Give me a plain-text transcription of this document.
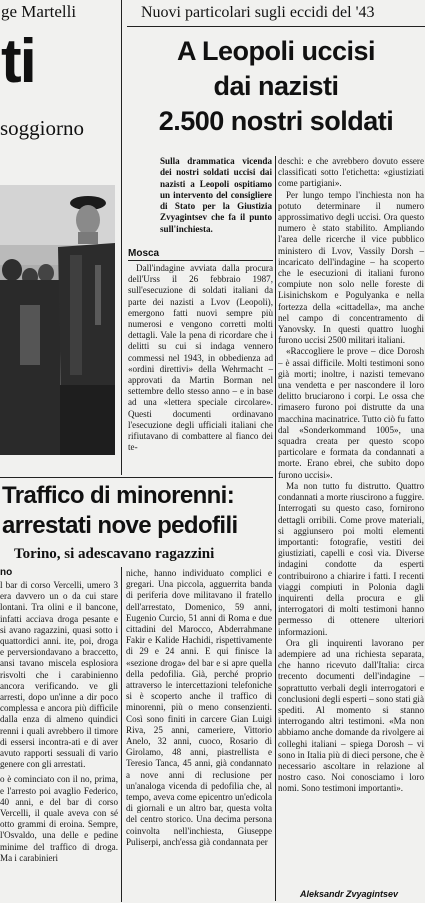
ge Martelli
ti
soggiorno
Nuovi particolari sugli eccidi del '43
A Leopoli uccisi
dai nazisti
2.500 nostri soldati
Sulla drammatica vicenda dei nostri soldati uccisi dai nazisti a Leopoli ospitiamo un intervento del consigliere di Stato per la Giustizia Zvyagintsev che fa il punto sull'inchiesta.
Mosca

Dall'indagine avviata dalla procura dell'Urss il 26 febbraio 1987, sull'esecuzione di soldati italiani da parte dei nazisti a Lvov (Leopoli), emergono fatti nuovi sempre più numerosi e vengono corretti molti dettagli. Vale la pena di ricordare che i delitti su cui si indaga vennero commessi nel 1943, in obbedienza ad «ordini direttivi» della Wehrmacht – approvati da Martin Borman nel settembre dello stesso anno – e in base ad una «lettera speciale circolare». Questi documenti ordinavano l'esecuzione degli ufficiali italiani che rifiutavano di combattere al fianco dei te-

deschi: e che avrebbero dovuto essere classificati sotto l'etichetta: «giustiziati come partigiani».

Per lungo tempo l'inchiesta non ha potuto determinare il numero approssimativo degli uccisi. Ora questo numero è stato stabilito. Ampliando l'area delle ricerche il vice pubblico ministero di Lvov, Vassily Dorsh – incaricato dell'indagine – ha scoperto che le esecuzioni di italiani furono compiute non solo nelle foreste di Lisinichskom e Pogulyanka e nella fortezza della «cittadella», ma anche nel campo di concentramento di Yanovsky. In questi quattro luoghi furono uccisi 2500 militari italiani.

«Raccogliere le prove – dice Dorosh – è assai difficile. Molti testimoni sono già morti; inoltre, i nazisti temevano una vendetta e per nascondere il loro delitto bruciarono i corpi. Le ossa che rimasero furono poi distrutte da una macchina macinatrice. Tutto ciò fu fatto dal «Sonderkommand 1005», una squadra creata per questo scopo particolare e formata da condannati a morte. Erano ebrei, che subito dopo furono uccisi».

Ma non tutto fu distrutto. Quattro condannati a morte riuscirono a fuggire. Interrogati su questo caso, fornirono dettagli orribili. Come prove materiali, si aggiunsero poi molti elementi importanti: fotografie, vestiti dei giustiziati, capelli e così via. Diverse indagini condotte da esperti contribuirono a chiarire i fatti. I recenti viaggi compiuti in Polonia dagli inquirenti della procura e gli interrogatori di molti testimoni hanno permesso di ottenere ulteriori informazioni.

Ora gli inquirenti lavorano per adempiere ad una richiesta separata, che hanno ricevuto dall'Italia: circa trecento documenti dell'indagine – soprattutto verbali degli interrogatori e conclusioni degli esperti – sono stati già spediti. Al momento si stanno interrogando altri testimoni. «Ma non abbiamo anche domande da rivolgere ai colleghi italiani – spiega Dorosh – vi sono in Italia più di dieci persone, che è necessario ascoltare in relazione al nostro caso. Noi conosciamo i loro nomi. Sono testimoni importanti».

Aleksandr Zvyagintsev
Traffico di minorenni:
arrestati nove pedofili
Torino, si adescavano ragazzini
no

l bar di corso Vercelli, umero 3 era davvero un o da cui stare lontani. Tra olini e il bancone, infatti acciava droga pesante e si avano ragazzini, quasi sotto i quattordici anni. ite, poi, droga e perversiondavano a braccetto, ansi tavano miscela esplosiora risvolti che i carabinienno ancora verificando. ve gli arresti, dopo un'inne a dir poco complessa e ancora più difficile dalla enza di almeno quindici renni i quali avrebbero il timore di essersi incontra-ati e di aver avuto rapporti sessuali di vario genere con gli arrestati.

o è cominciato con il no, prima, e l'arresto poi avaglio Federico, 40 anni, e del bar di corso Vercelli, il quale aveva con sé otto grammi di eroina. Sempre, l'Osvaldo, una delle e pedine minime del traffico di droga. Ma i carabinieri

niche, hanno individuato complici e gregari. Una piccola, agguerrita banda di periferia dove militavano il fratello dell'arrestato, Domenico, 59 anni, Eugenio Curcio, 51 anni di Roma e due cittadini del Marocco, Abderrahmane Fakir e Kalide Hachidi, rispettivamente di 29 e 24 anni. E qui finisce la «sezione droga» del bar e si apre quella della pedofilia. Già, perché proprio attraverso le intercettazioni telefoniche si è scoperto anche il traffico di minorenni, più o meno consenzienti. Così sono finiti in carcere Gian Luigi Riva, 25 anni, cameriere, Vittorio Anelo, 32 anni, cuoco, Rosario di Girolamo, 48 anni, piastrellista e Teresio Tanca, 45 anni, già condannato a nove anni di reclusione per un'analoga vicenda di pedofilia che, al tempo, aveva come epicentro un'edicola di giornali e un altro bar, questa volta del centro storico. Una decima persona coinvolta nell'inchiesta, Giuseppe Puliserpi, anch'essa già condannata per
